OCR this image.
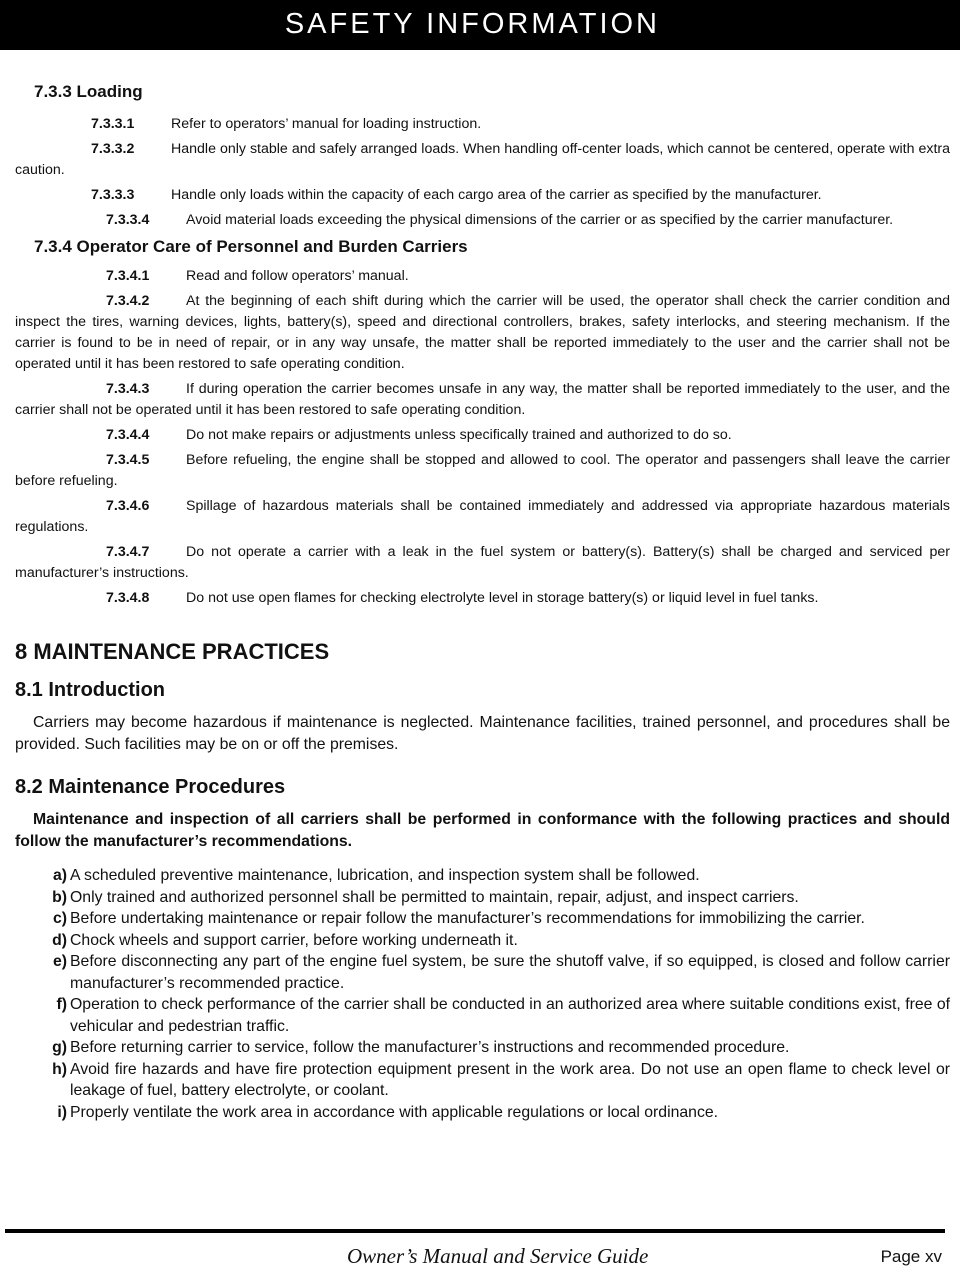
SAFETY INFORMATION
7.3.3 Loading
7.3.3.1	Refer to operators’ manual for loading instruction.
7.3.3.2	Handle only stable and safely arranged loads. When handling off-center loads, which cannot be centered, operate with extra caution.
7.3.3.3	Handle only loads within the capacity of each cargo area of the carrier as specified by the manufacturer.
7.3.3.4	Avoid material loads exceeding the physical dimensions of the carrier or as specified by the carrier manufacturer.
7.3.4 Operator Care of Personnel and Burden Carriers
7.3.4.1	Read and follow operators’ manual.
7.3.4.2	At the beginning of each shift during which the carrier will be used, the operator shall check the carrier condition and inspect the tires, warning devices, lights, battery(s), speed and directional controllers, brakes, safety interlocks, and steering mechanism. If the carrier is found to be in need of repair, or in any way unsafe, the matter shall be reported immediately to the user and the carrier shall not be operated until it has been restored to safe operating condition.
7.3.4.3	If during operation the carrier becomes unsafe in any way, the matter shall be reported immediately to the user, and the carrier shall not be operated until it has been restored to safe operating condition.
7.3.4.4	Do not make repairs or adjustments unless specifically trained and authorized to do so.
7.3.4.5	Before refueling, the engine shall be stopped and allowed to cool. The operator and passengers shall leave the carrier before refueling.
7.3.4.6	Spillage of hazardous materials shall be contained immediately and addressed via appropriate hazardous materials regulations.
7.3.4.7	Do not operate a carrier with a leak in the fuel system or battery(s). Battery(s) shall be charged and serviced per manufacturer’s instructions.
7.3.4.8	Do not use open flames for checking electrolyte level in storage battery(s) or liquid level in fuel tanks.
8 MAINTENANCE PRACTICES
8.1 Introduction
Carriers may become hazardous if maintenance is neglected. Maintenance facilities, trained personnel, and procedures shall be provided. Such facilities may be on or off the premises.
8.2 Maintenance Procedures
Maintenance and inspection of all carriers shall be performed in conformance with the following practices and should follow the manufacturer’s recommendations.
a) A scheduled preventive maintenance, lubrication, and inspection system shall be followed.
b) Only trained and authorized personnel shall be permitted to maintain, repair, adjust, and inspect carriers.
c) Before undertaking maintenance or repair follow the manufacturer’s recommendations for immobilizing the carrier.
d) Chock wheels and support carrier, before working underneath it.
e) Before disconnecting any part of the engine fuel system, be sure the shutoff valve, if so equipped, is closed and follow carrier manufacturer’s recommended practice.
f) Operation to check performance of the carrier shall be conducted in an authorized area where suitable conditions exist, free of vehicular and pedestrian traffic.
g) Before returning carrier to service, follow the manufacturer’s instructions and recommended procedure.
h) Avoid fire hazards and have fire protection equipment present in the work area. Do not use an open flame to check level or leakage of fuel, battery electrolyte, or coolant.
i) Properly ventilate the work area in accordance with applicable regulations or local ordinance.
Owner’s Manual and Service Guide	Page xv
